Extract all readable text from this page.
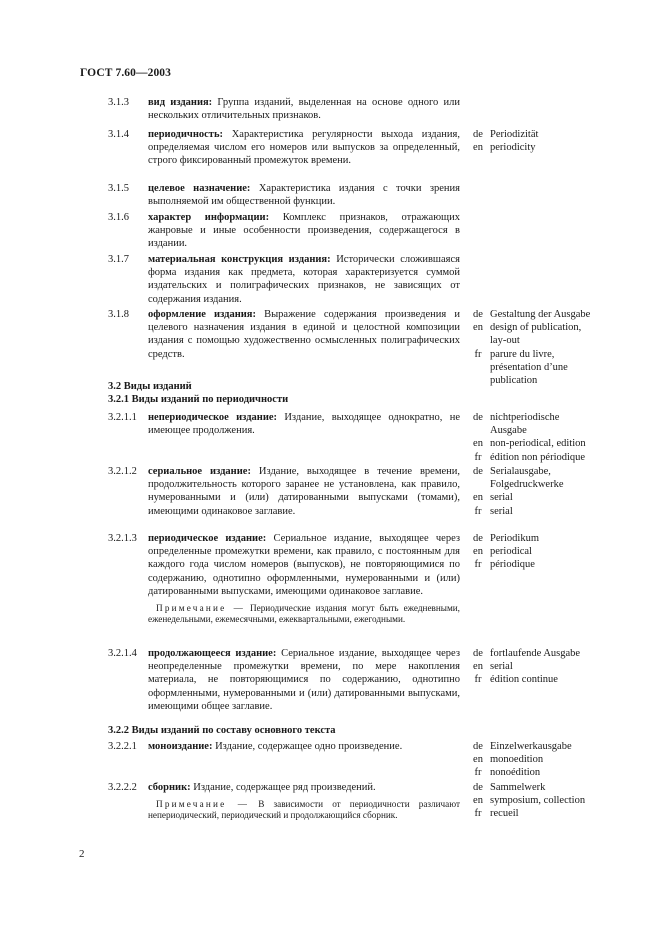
ГОСТ 7.60—2003
3.1.3 вид издания: Группа изданий, выделенная на основе одного или нескольких отличительных признаков.
3.1.4 периодичность: Характеристика регулярности выхода издания, определяемая числом его номеров или выпусков за определенный, строго фиксированный промежуток времени.
de Periodizität
en periodicity
3.1.5 целевое назначение: Характеристика издания с точки зрения выполняемой им общественной функции.
3.1.6 характер информации: Комплекс признаков, отражающих жанровые и иные особенности произведения, содержащегося в издании.
3.1.7 материальная конструкция издания: Исторически сложившаяся форма издания как предмета, которая характеризуется суммой издательских и полиграфических признаков, не зависящих от содержания издания.
3.1.8 оформление издания: Выражение содержания произведения и целевого назначения издания в единой и целостной композиции издания с помощью художественно осмысленных полиграфических средств.
de Gestaltung der Ausgabe
en design of publication,
lay-out
fr parure du livre,
présentation d’une
publication
3.2 Виды изданий
3.2.1 Виды изданий по периодичности
3.2.1.1 непериодическое издание: Издание, выходящее однократно, не имеющее продолжения.
de nichtperiodische
Ausgabe
en non-periodical, edition
fr édition non périodique
3.2.1.2 сериальное издание: Издание, выходящее в течение времени, продолжительность которого заранее не установлена, как правило, нумерованными и (или) датированными выпусками (томами), имеющими одинаковое заглавие.
de Serialausgabe,
Folgedruckwerke
en serial
fr serial
3.2.1.3 периодическое издание: Сериальное издание, выходящее через определенные промежутки времени, как правило, с постоянным для каждого года числом номеров (выпусков), не повторяющимися по содержанию, однотипно оформленными, нумерованными и (или) датированными выпусками, имеющими одинаковое заглавие.
Примечание — Периодические издания могут быть ежедневными, еженедельными, ежемесячными, ежеквартальными, ежегодными.
de Periodikum
en periodical
fr périodique
3.2.1.4 продолжающееся издание: Сериальное издание, выходящее через неопределенные промежутки времени, по мере накопления материала, не повторяющимися по содержанию, однотипно оформленными, нумерованными и (или) датированными выпусками, имеющими общее заглавие.
de fortlaufende Ausgabe
en serial
fr édition continue
3.2.2 Виды изданий по составу основного текста
3.2.2.1 моноиздание: Издание, содержащее одно произведение.	de Einzelwerkausgabe
en monoedition
fr nonoédition
3.2.2.2 сборник: Издание, содержащее ряд произведений.
Примечание — В зависимости от периодичности различают непериодический, периодический и продолжающийся сборник.
de Sammelwerk
en symposium, collection
fr recueil
2
